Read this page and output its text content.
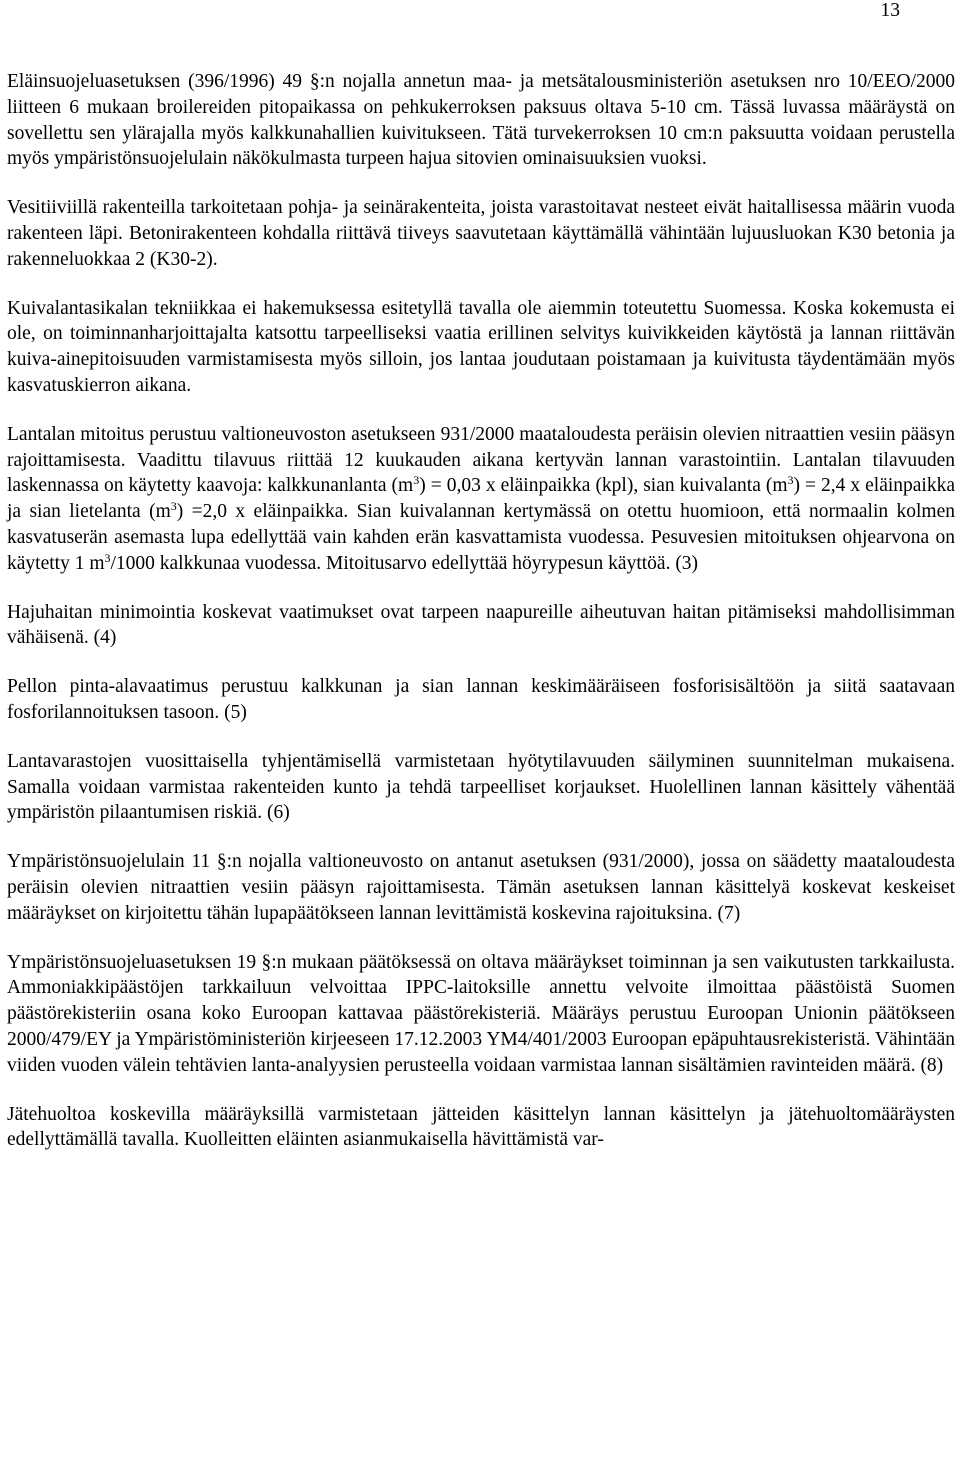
13

Eläinsuojeluasetuksen (396/1996) 49 §:n nojalla annetun maa- ja metsätalousministeriön asetuksen nro 10/EEO/2000 liitteen 6 mukaan broilereiden pitopaikassa on pehkukerroksen paksuus oltava 5-10 cm. Tässä luvassa määräystä on sovellettu sen ylärajalla myös kalkkunahallien kuivitukseen. Tätä turvekerroksen 10 cm:n paksuutta voidaan perustella myös ympäristönsuojelulain näkökulmasta turpeen hajua sitovien ominaisuuksien vuoksi.

Vesitiiviillä rakenteilla tarkoitetaan pohja- ja seinärakenteita, joista varastoitavat nesteet eivät haitallisessa määrin vuoda rakenteen läpi. Betonirakenteen kohdalla riittävä tiiveys saavutetaan käyttämällä vähintään lujuusluokan K30 betonia ja rakenneluokkaa 2 (K30-2).

Kuivalantasikalan tekniikkaa ei hakemuksessa esitetyllä tavalla ole aiemmin toteutettu Suomessa. Koska kokemusta ei ole, on toiminnanharjoittajalta katsottu tarpeelliseksi vaatia erillinen selvitys kuivikkeiden käytöstä ja lannan riittävän kuiva-ainepitoisuuden varmistamisesta myös silloin, jos lantaa joudutaan poistamaan ja kuivitusta täydentämään myös kasvatuskierron aikana.

Lantalan mitoitus perustuu valtioneuvoston asetukseen 931/2000 maataloudesta peräisin olevien nitraattien vesiin pääsyn rajoittamisesta. Vaadittu tilavuus riittää 12 kuukauden aikana kertyvän lannan varastointiin. Lantalan tilavuuden laskennassa on käytetty kaavoja: kalkkunanlanta $(m^3) = 0,03$ x eläinpaikka (kpl), sian kuivalanta $(m^3) = 2,4$ x eläinpaikka ja sian lietelanta $(m^3) =2,0$ x eläinpaikka. Sian kuivalannan kertymässä on otettu huomioon, että normaalin kolmen kasvatuserän asemasta lupa edellyttää vain kahden erän kasvattamista vuodessa. Pesuvesien mitoituksen ohjearvona on käytetty 1 $m^3/1000$ kalkkunaa vuodessa. Mitoitusarvo edellyttää höyrypesun käyttöä. (3)

Hajuhaitan minimointia koskevat vaatimukset ovat tarpeen naapureille aiheutuvan haitan pitämiseksi mahdollisimman vähäisenä. (4)

Pellon pinta-alavaatimus perustuu kalkkunan ja sian lannan keskimääräiseen fosforisisältöön ja siitä saatavaan fosforilannoituksen tasoon. (5)

Lantavarastojen vuosittaisella tyhjentämisellä varmistetaan hyötytilavuuden säilyminen suunnitelman mukaisena. Samalla voidaan varmistaa rakenteiden kunto ja tehdä tarpeelliset korjaukset. Huolellinen lannan käsittely vähentää ympäristön pilaantumisen riskiä. (6)

Ympäristönsuojelulain 11 §:n nojalla valtioneuvosto on antanut asetuksen (931/2000), jossa on säädetty maataloudesta peräisin olevien nitraattien vesiin pääsyn rajoittamisesta. Tämän asetuksen lannan käsittelyä koskevat keskeiset määräykset on kirjoitettu tähän lupapäätökseen lannan levittämistä koskevina rajoituksina. (7)

Ympäristönsuojeluasetuksen 19 §:n mukaan päätöksessä on oltava määräykset toiminnan ja sen vaikutusten tarkkailusta. Ammoniakkipäästöjen tarkkailuun velvoittaa IPPC-laitoksille annettu velvoite ilmoittaa päästöistä Suomen päästörekisteriin osana koko Euroopan kattavaa päästörekisteriä. Määräys perustuu Euroopan Unionin päätökseen 2000/479/EY ja Ympäristöministeriön kirjeeseen 17.12.2003 YM4/401/2003 Euroopan epäpuhtausrekisteristä. Vähintään viiden vuoden välein tehtävien lanta-analyysien perusteella voidaan varmistaa lannan sisältämien ravinteiden määrä. (8)

Jätehuoltoa koskevilla määräyksillä varmistetaan jätteiden käsittelyn lannan käsittelyn ja jätehuoltomääräysten edellyttämällä tavalla. Kuolleitten eläinten asianmukaisella hävittämistä var-
